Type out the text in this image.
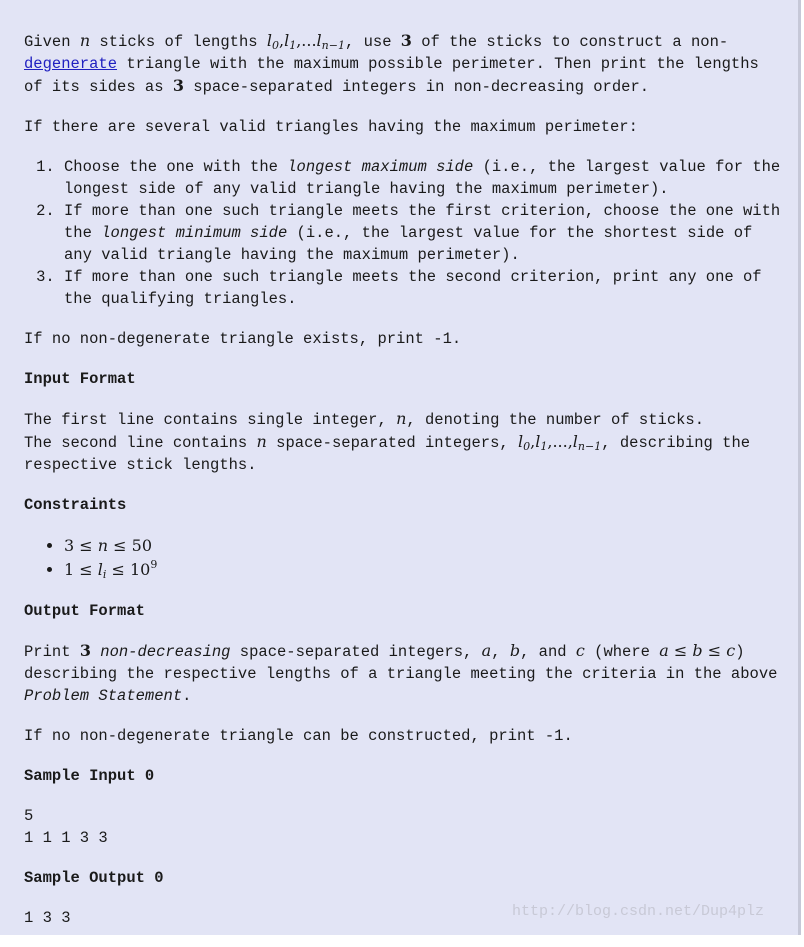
Given n sticks of lengths $l_0,l_1,...l_{n-1}$, use 3 of the sticks to construct a non-
degenerate triangle with the maximum possible perimeter. Then print the lengths of its sides as 3 space-separated integers in non-decreasing order.

If there are several valid triangles having the maximum perimeter:

1. Choose the one with the longest maximum side (i.e., the largest value for the longest side of any valid triangle having the maximum perimeter).
2. If more than one such triangle meets the first criterion, choose the one with the longest minimum side (i.e., the largest value for the shortest side of any valid triangle having the maximum perimeter).
3. If more than one such triangle meets the second criterion, print any one of the qualifying triangles.

If no non-degenerate triangle exists, print -1.

Input Format

The first line contains single integer, n, denoting the number of sticks.
The second line contains n space-separated integers, $l_0,l_1,...,l_{n-1}$, describing the respective stick lengths.

Constraints
• 3 ≤ n ≤ 50
• $1 \le l_i \le 10^9$
Output Format

Print 3 non-decreasing space-separated integers, a, b, and c (where a ≤ b ≤ c) describing the respective lengths of a triangle meeting the criteria in the above Problem Statement.

If no non-degenerate triangle can be constructed, print -1.

Sample Input 0
5
1 1 1 3 3
Sample Output 0
1 3 3	http://blog.csdn.net/Dup4plz
